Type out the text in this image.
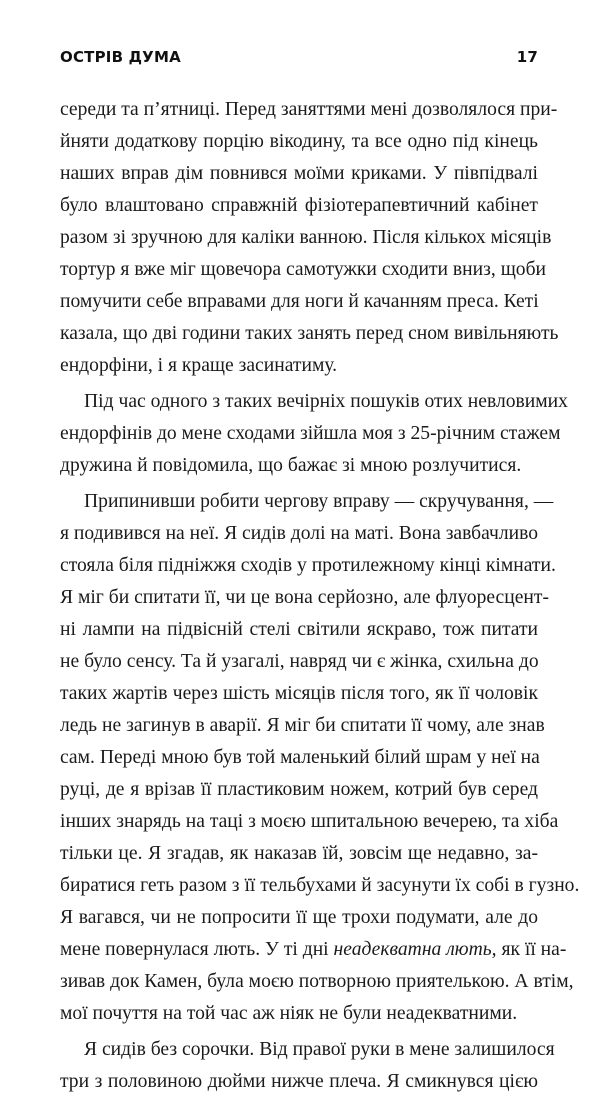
ОСТРІВ ДУМА	17

середи та п’ятниці. Перед заняттями мені дозволялося при-
йняти додаткову порцію вікодину, та все одно під кінець
наших вправ дім повнився моїми криками. У півпідвалі
було влаштовано справжній фізіотерапевтичний кабінет
разом зі зручною для каліки ванною. Після кількох місяців
тортур я вже міг щовечора самотужки сходити вниз, щоби
помучити себе вправами для ноги й качанням преса. Кеті
казала, що дві години таких занять перед сном вивільняють
ендорфіни, і я краще засинатиму.

Під час одного з таких вечірніх пошуків отих невловимих
ендорфінів до мене сходами зійшла моя з 25-річним стажем
дружина й повідомила, що бажає зі мною розлучитися.

Припинивши робити чергову вправу — скручування, —
я подивився на неї. Я сидів долі на маті. Вона завбачливо
стояла біля підніжжя сходів у протилежному кінці кімнати.
Я міг би спитати її, чи це вона серйозно, але флуоресцент-
ні лампи на підвісній стелі світили яскраво, тож питати
не було сенсу. Та й узагалі, навряд чи є жінка, схильна до
таких жартів через шість місяців після того, як її чоловік
ледь не загинув в аварії. Я міг би спитати її чому, але знав
сам. Переді мною був той маленький білий шрам у неї на
руці, де я врізав її пластиковим ножем, котрий був серед
інших знарядь на таці з моєю шпитальною вечерею, та хіба
тільки це. Я згадав, як наказав їй, зовсім ще недавно, за-
биратися геть разом з її тельбухами й засунути їх собі в гузно.
Я вагався, чи не попросити її ще трохи подумати, але до
мене повернулася лють. У ті дні неадекватна лють, як її на-
зивав док Камен, була моєю потворною приятелькою. А втім,
мої почуття на той час аж ніяк не були неадекватними.

Я сидів без сорочки. Від правої руки в мене залишилося
три з половиною дюйми нижче плеча. Я смикнувся цією
